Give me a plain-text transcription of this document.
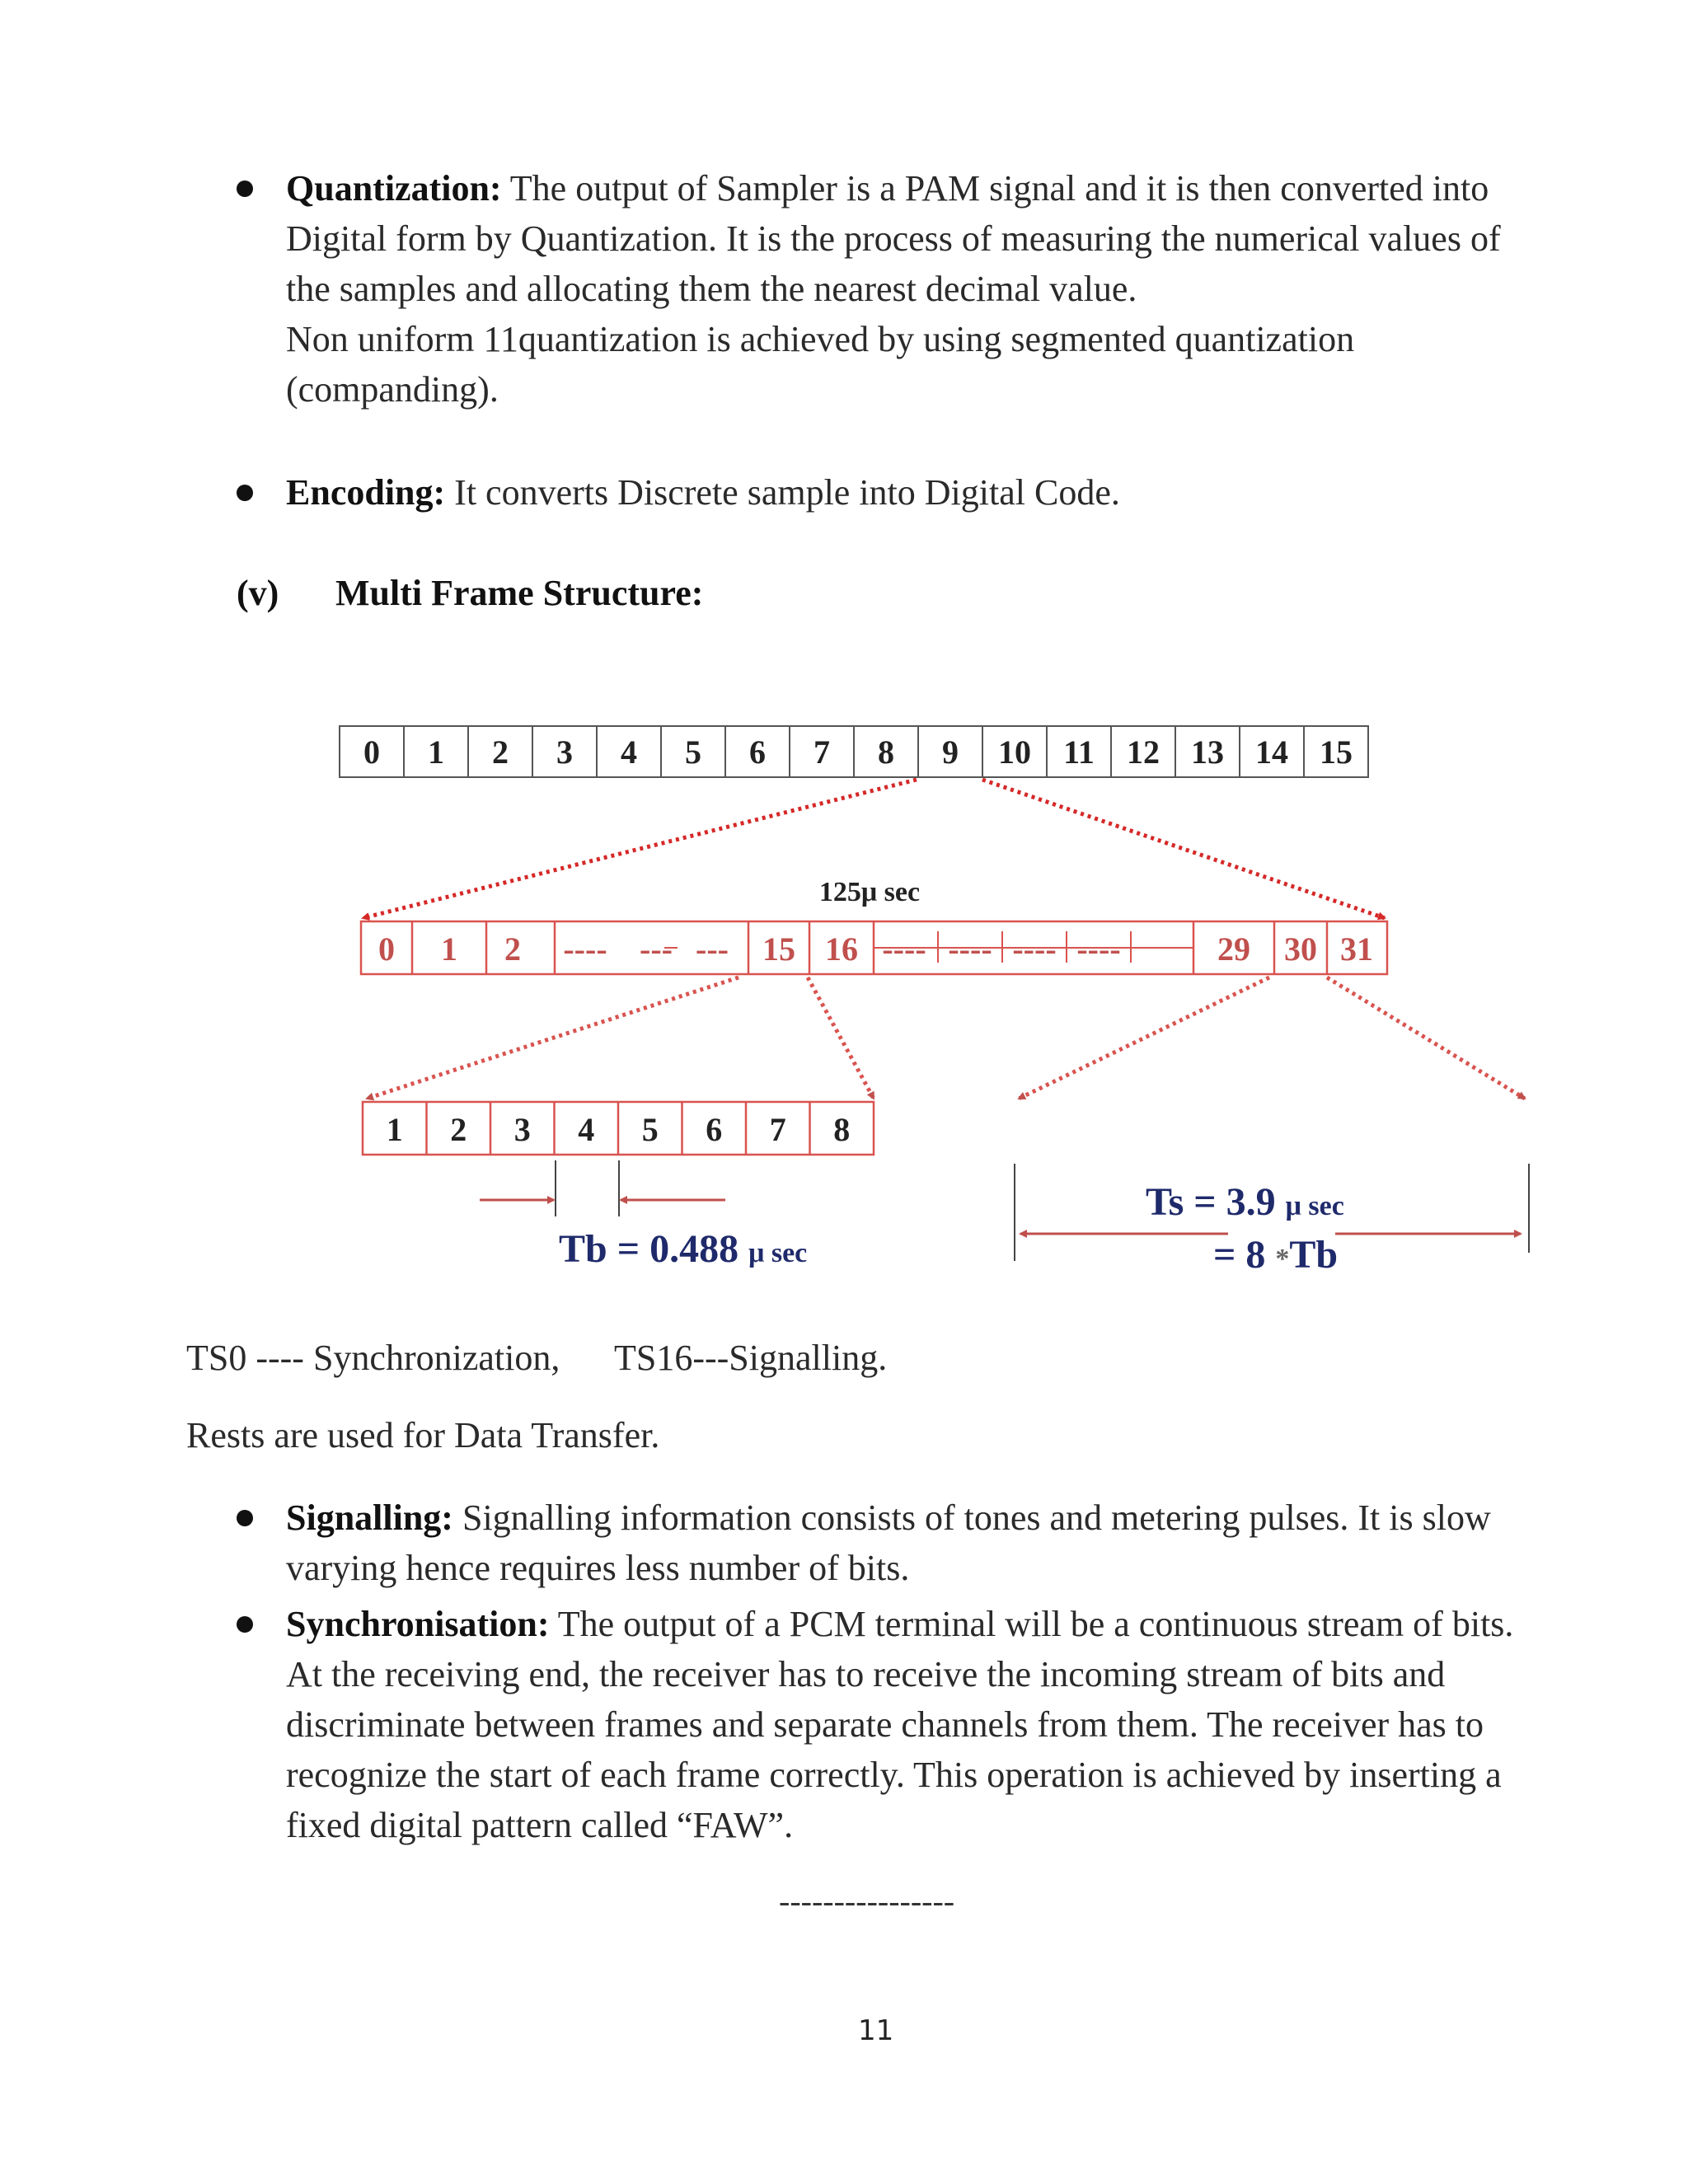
Quantization: The output of Sampler is a PAM signal and it is then converted into
Digital form by Quantization. It is the process of measuring the numerical values of
the samples and allocating them the nearest decimal value.
Non uniform 11quantization is achieved by using segmented quantization
(companding).
Encoding: It converts Discrete sample into Digital Code.
(v) Multi Frame Structure:
0 1 2 3 4 5 6 7 8 9 10 11 12 13 14 15
125μ sec
0 1 2 ---- --- --- 15 16 ---- ---- ---- ----	29 30 31
1 2 3 4 5 6 7 8
Tb = 0.488 μ sec
Ts = 3.9 μ sec
= 8 *Tb
TS0 ---- Synchronization, TS16---Signalling.
Rests are used for Data Transfer.
Signalling: Signalling information consists of tones and metering pulses. It is slow
varying hence requires less number of bits.
Synchronisation: The output of a PCM terminal will be a continuous stream of bits.
At the receiving end, the receiver has to receive the incoming stream of bits and
discriminate between frames and separate channels from them. The receiver has to
recognize the start of each frame correctly. This operation is achieved by inserting a
fixed digital pattern called “FAW”.
----------------
11
